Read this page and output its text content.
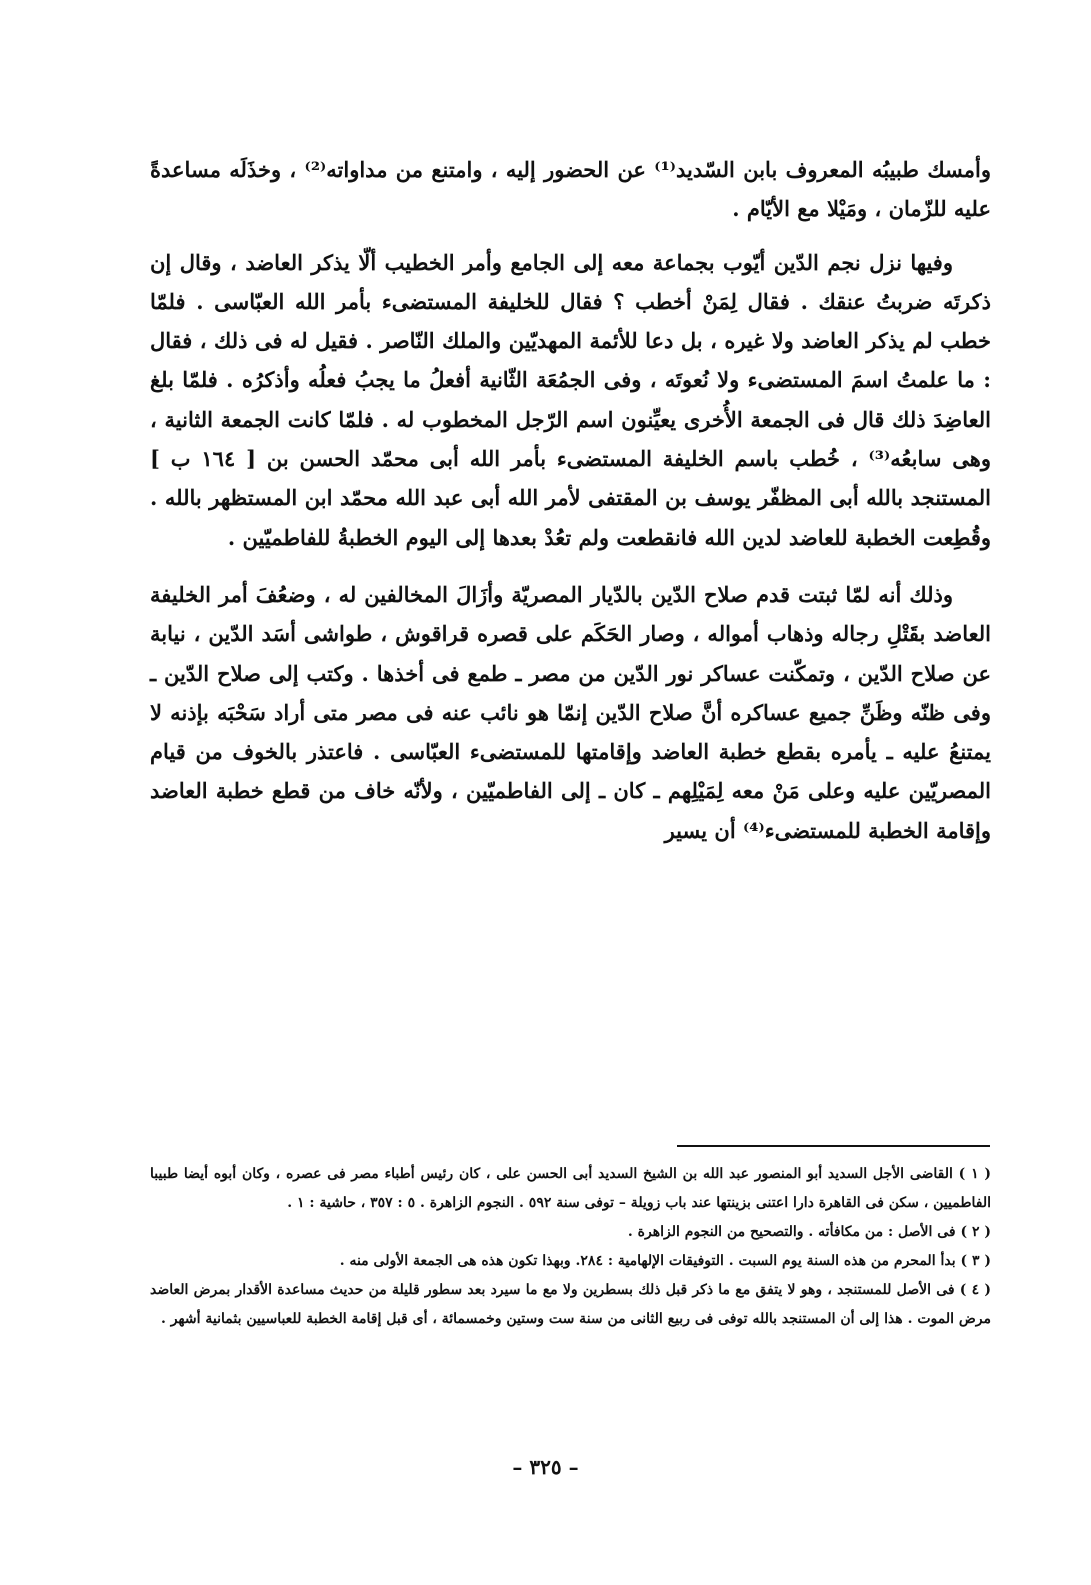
وأمسك طبيبُه المعروف بابن السّديد⁽¹⁾ عن الحضور إليه ، وامتنع من مداواته⁽²⁾ ، وخذَلَه مساعدةً عليه للزّمان ، ومَيْلا مع الأيّام .

وفيها نزل نجم الدّين أيّوب بجماعة معه إلى الجامع وأمر الخطيب ألّا يذكر العاضد ، وقال إن ذكرتَه ضربتُ عنقك . فقال لِمَنْ أخطب ؟ فقال للخليفة المستضىء بأمر الله العبّاسى . فلمّا خطب لم يذكر العاضد ولا غيره ، بل دعا للأئمة المهديّين والملك النّاصر . فقيل له فى ذلك ، فقال : ما علمتُ اسمَ المستضىء ولا نُعوتَه ، وفى الجمُعَة الثّانية أفعلُ ما يجبُ فعلُه وأذكرُه . فلمّا بلغ العاضِدَ ذلك قال فى الجمعة الأُخرى يعيِّنون اسم الرّجل المخطوب له . فلمّا كانت الجمعة الثانية ، وهى سابعُه⁽³⁾ ، خُطب باسم الخليفة المستضىء بأمر الله أبى محمّد الحسن بن [ ١٦٤ ب ] المستنجد بالله أبى المظفّر يوسف بن المقتفى لأمر الله أبى عبد الله محمّد ابن المستظهر بالله . وقُطِعت الخطبة للعاضد لدين الله فانقطعت ولم تعُدْ بعدها إلى اليوم الخطبةُ للفاطميّين .

وذلك أنه لمّا ثبتت قدم صلاح الدّين بالدّيار المصريّة وأزَالَ المخالفين له ، وضعُفَ أمر الخليفة العاضد بقَتْلِ رجاله وذهاب أمواله ، وصار الحَكَم على قصره قراقوش ، طواشى أسَد الدّين ، نيابة عن صلاح الدّين ، وتمكّنت عساكر نور الدّين من مصر ـ طمع فى أخذها . وكتب إلى صلاح الدّين ـ وفى ظنّه وظَنِّ جميع عساكره أنَّ صلاح الدّين إنمّا هو نائب عنه فى مصر متى أراد سَحْبَه بإذنه لا يمتنعُ عليه ـ يأمره بقطع خطبة العاضد وإقامتها للمستضىء العبّاسى . فاعتذر بالخوف من قيام المصريّين عليه وعلى مَنْ معه لِمَيْلِهم ـ كان ـ إلى الفاطميّين ، ولأنّه خاف من قطع خطبة العاضد وإقامة الخطبة للمستضىء⁽⁴⁾ أن يسير

( ١ ) القاضى الأجل السديد أبو المنصور عبد الله بن الشيخ السديد أبى الحسن على ، كان رئيس أطباء مصر فى عصره ، وكان أبوه أيضا طبيبا الفاطميين ، سكن فى القاهرة دارا اعتنى بزينتها عند باب زويلة – توفى سنة ٥٩٢ . النجوم الزاهرة . ٥ : ٣٥٧ ، حاشية : ١ .

( ٢ ) فى الأصل : من مكافأته . والتصحيح من النجوم الزاهرة .

( ٣ ) بدأ المحرم من هذه السنة يوم السبت . التوفيقات الإلهامية : ٢٨٤. وبهذا تكون هذه هى الجمعة الأولى منه .

( ٤ ) فى الأصل للمستنجد ، وهو لا يتفق مع ما ذكر قبل ذلك بسطرين ولا مع ما سيرد بعد سطور قليلة من حديث مساعدة الأقدار بمرض العاضد مرض الموت . هذا إلى أن المستنجد بالله توفى فى ربيع الثانى من سنة ست وستين وخمسمائة ، أى قبل إقامة الخطبة للعباسيين بثمانية أشهر .

– ٣٢٥ –
